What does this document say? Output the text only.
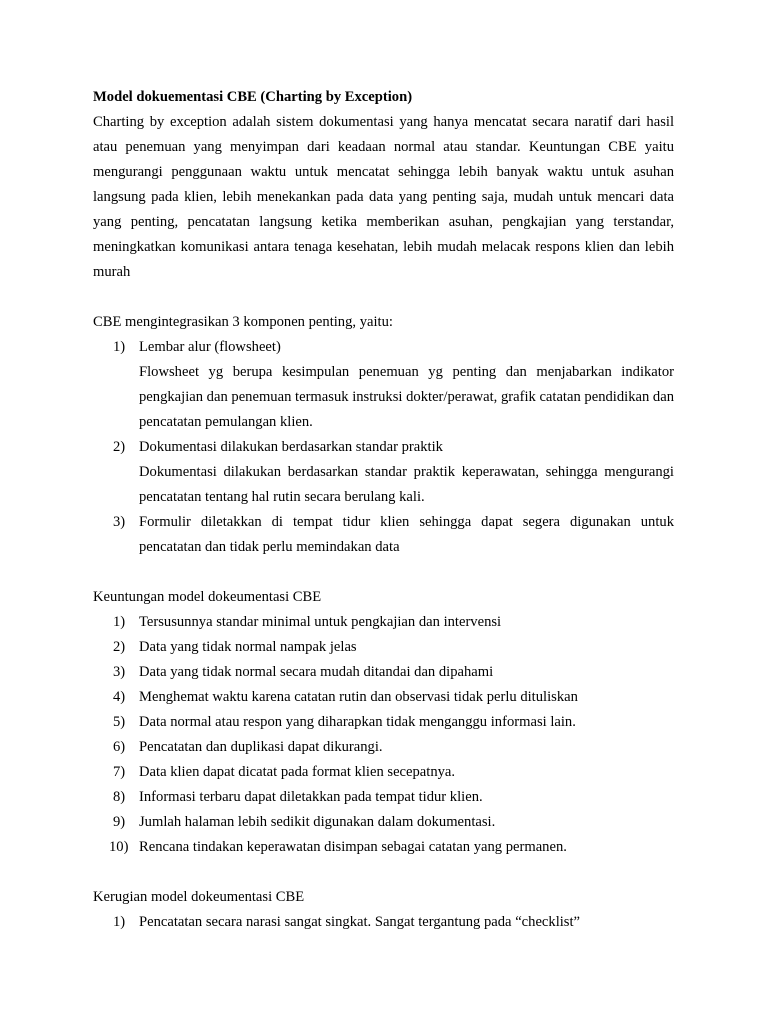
Model dokuementasi CBE (Charting by Exception)

Charting by exception adalah sistem dokumentasi yang hanya mencatat secara naratif dari hasil atau penemuan yang menyimpan dari keadaan normal atau standar. Keuntungan CBE yaitu mengurangi penggunaan waktu untuk mencatat sehingga lebih banyak waktu untuk asuhan langsung pada klien, lebih menekankan pada data yang penting saja, mudah untuk mencari data yang penting, pencatatan langsung ketika memberikan asuhan, pengkajian yang terstandar, meningkatkan komunikasi antara tenaga kesehatan, lebih mudah melacak respons klien dan lebih murah

CBE mengintegrasikan 3 komponen penting, yaitu:

1) Lembar alur (flowsheet)

Flowsheet yg berupa kesimpulan penemuan yg penting dan menjabarkan indikator pengkajian dan penemuan termasuk instruksi dokter/perawat, grafik catatan pendidikan dan pencatatan pemulangan klien.

2) Dokumentasi dilakukan berdasarkan standar praktik

Dokumentasi dilakukan berdasarkan standar praktik keperawatan, sehingga mengurangi pencatatan tentang hal rutin secara berulang kali.

3) Formulir diletakkan di tempat tidur klien sehingga dapat segera digunakan untuk pencatatan dan tidak perlu memindakan data

Keuntungan model dokeumentasi CBE

1) Tersusunnya standar minimal untuk pengkajian dan intervensi
2) Data yang tidak normal nampak jelas
3) Data yang tidak normal secara mudah ditandai dan dipahami
4) Menghemat waktu karena catatan rutin dan observasi tidak perlu dituliskan
5) Data normal atau respon yang diharapkan tidak menganggu informasi lain.
6) Pencatatan dan duplikasi dapat dikurangi.
7) Data klien dapat dicatat pada format klien secepatnya.
8) Informasi terbaru dapat diletakkan pada tempat tidur klien.
9) Jumlah halaman lebih sedikit digunakan dalam dokumentasi.
10) Rencana tindakan keperawatan disimpan sebagai catatan yang permanen.

Kerugian model dokeumentasi CBE

1) Pencatatan secara narasi sangat singkat. Sangat tergantung pada “checklist”
